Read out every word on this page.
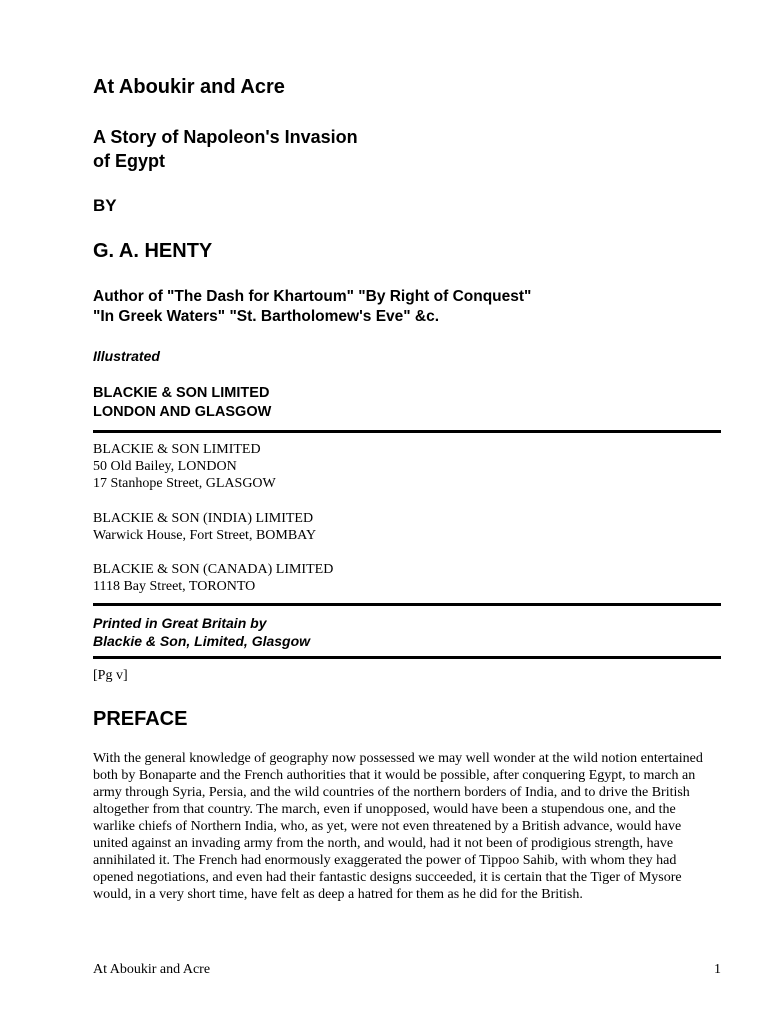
At Aboukir and Acre
A Story of Napoleon's Invasion
of Egypt
BY
G. A. HENTY
Author of "The Dash for Khartoum" "By Right of Conquest"
"In Greek Waters" "St. Bartholomew's Eve" &c.
Illustrated
BLACKIE & SON LIMITED
LONDON AND GLASGOW
BLACKIE & SON LIMITED
50 Old Bailey, LONDON
17 Stanhope Street, GLASGOW
BLACKIE & SON (INDIA) LIMITED
Warwick House, Fort Street, BOMBAY
BLACKIE & SON (CANADA) LIMITED
1118 Bay Street, TORONTO
Printed in Great Britain by
Blackie & Son, Limited, Glasgow
[Pg v]
PREFACE
With the general knowledge of geography now possessed we may well wonder at the wild notion entertained
both by Bonaparte and the French authorities that it would be possible, after conquering Egypt, to march an
army through Syria, Persia, and the wild countries of the northern borders of India, and to drive the British
altogether from that country. The march, even if unopposed, would have been a stupendous one, and the
warlike chiefs of Northern India, who, as yet, were not even threatened by a British advance, would have
united against an invading army from the north, and would, had it not been of prodigious strength, have
annihilated it. The French had enormously exaggerated the power of Tippoo Sahib, with whom they had
opened negotiations, and even had their fantastic designs succeeded, it is certain that the Tiger of Mysore
would, in a very short time, have felt as deep a hatred for them as he did for the British.
At Aboukir and Acre	1
